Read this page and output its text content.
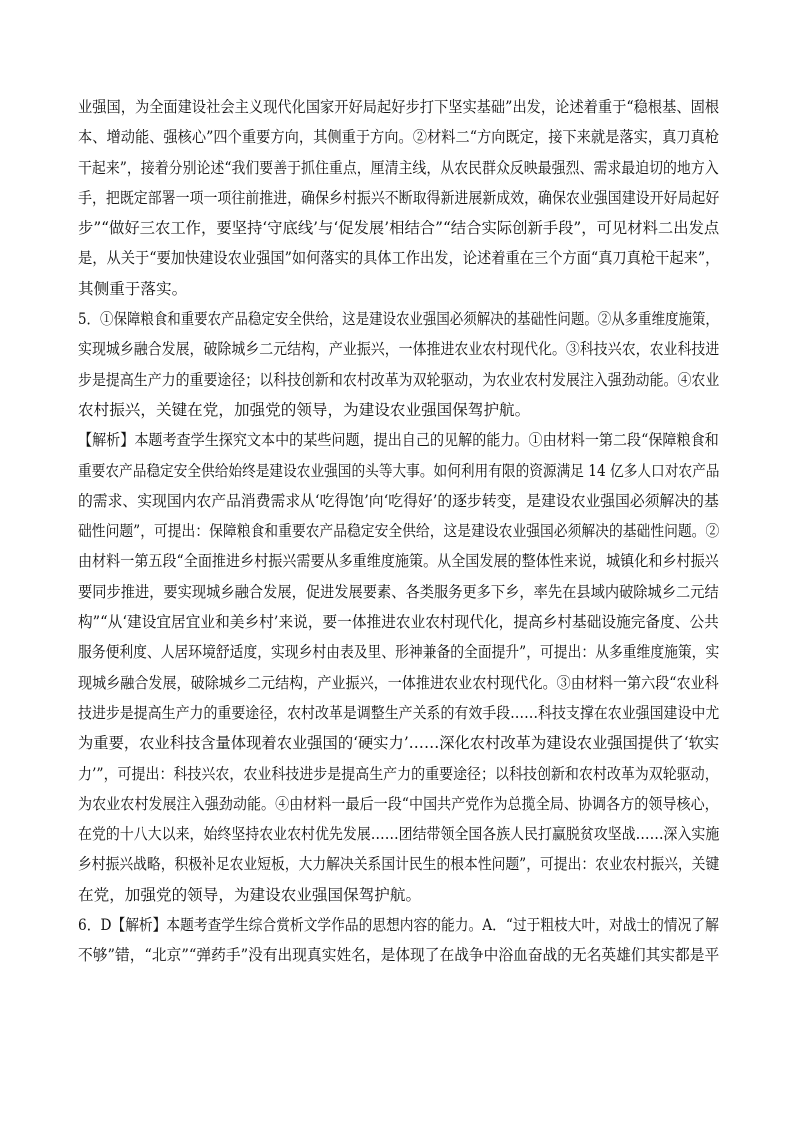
业强国，为全面建设社会主义现代化国家开好局起好步打下坚实基础”出发，论述着重于“稳根基、固根
本、增动能、强核心”四个重要方向，其侧重于方向。②材料二“方向既定，接下来就是落实，真刀真枪
干起来”，接着分别论述“我们要善于抓住重点，厘清主线，从农民群众反映最强烈、需求最迫切的地方入
手，把既定部署一项一项往前推进，确保乡村振兴不断取得新进展新成效，确保农业强国建设开好局起好
步”“做好三农工作，要坚持‘守底线’与‘促发展’相结合”“结合实际创新手段”，可见材料二出发点
是，从关于“要加快建设农业强国”如何落实的具体工作出发，论述着重在三个方面“真刀真枪干起来”，
其侧重于落实。
5．①保障粮食和重要农产品稳定安全供给，这是建设农业强国必须解决的基础性问题。②从多重维度施策，
实现城乡融合发展，破除城乡二元结构，产业振兴，一体推进农业农村现代化。③科技兴农，农业科技进
步是提高生产力的重要途径；以科技创新和农村改革为双轮驱动，为农业农村发展注入强劲动能。④农业
农村振兴，关键在党，加强党的领导，为建设农业强国保驾护航。
【解析】本题考查学生探究文本中的某些问题，提出自己的见解的能力。①由材料一第二段“保障粮食和
重要农产品稳定安全供给始终是建设农业强国的头等大事。如何利用有限的资源满足 14 亿多人口对农产品
的需求、实现国内农产品消费需求从‘吃得饱’向‘吃得好’的逐步转变，是建设农业强国必须解决的基
础性问题”，可提出：保障粮食和重要农产品稳定安全供给，这是建设农业强国必须解决的基础性问题。②
由材料一第五段“全面推进乡村振兴需要从多重维度施策。从全国发展的整体性来说，城镇化和乡村振兴
要同步推进，要实现城乡融合发展，促进发展要素、各类服务更多下乡，率先在县域内破除城乡二元结
构”“从‘建设宜居宜业和美乡村’来说，要一体推进农业农村现代化，提高乡村基础设施完备度、公共
服务便利度、人居环境舒适度，实现乡村由表及里、形神兼备的全面提升”，可提出：从多重维度施策，实
现城乡融合发展，破除城乡二元结构，产业振兴，一体推进农业农村现代化。③由材料一第六段“农业科
技进步是提高生产力的重要途径，农村改革是调整生产关系的有效手段……科技支撑在农业强国建设中尤
为重要，农业科技含量体现着农业强国的‘硬实力’……深化农村改革为建设农业强国提供了‘软实
力’”，可提出：科技兴农，农业科技进步是提高生产力的重要途径；以科技创新和农村改革为双轮驱动，
为农业农村发展注入强劲动能。④由材料一最后一段“中国共产党作为总揽全局、协调各方的领导核心，
在党的十八大以来，始终坚持农业农村优先发展……团结带领全国各族人民打赢脱贫攻坚战……深入实施
乡村振兴战略，积极补足农业短板，大力解决关系国计民生的根本性问题”，可提出：农业农村振兴，关键
在党，加强党的领导，为建设农业强国保驾护航。
6．D【解析】本题考查学生综合赏析文学作品的思想内容的能力。A．“过于粗枝大叶，对战士的情况了解
不够”错，“北京”“弹药手”没有出现真实姓名，是体现了在战争中浴血奋战的无名英雄们其实都是平
